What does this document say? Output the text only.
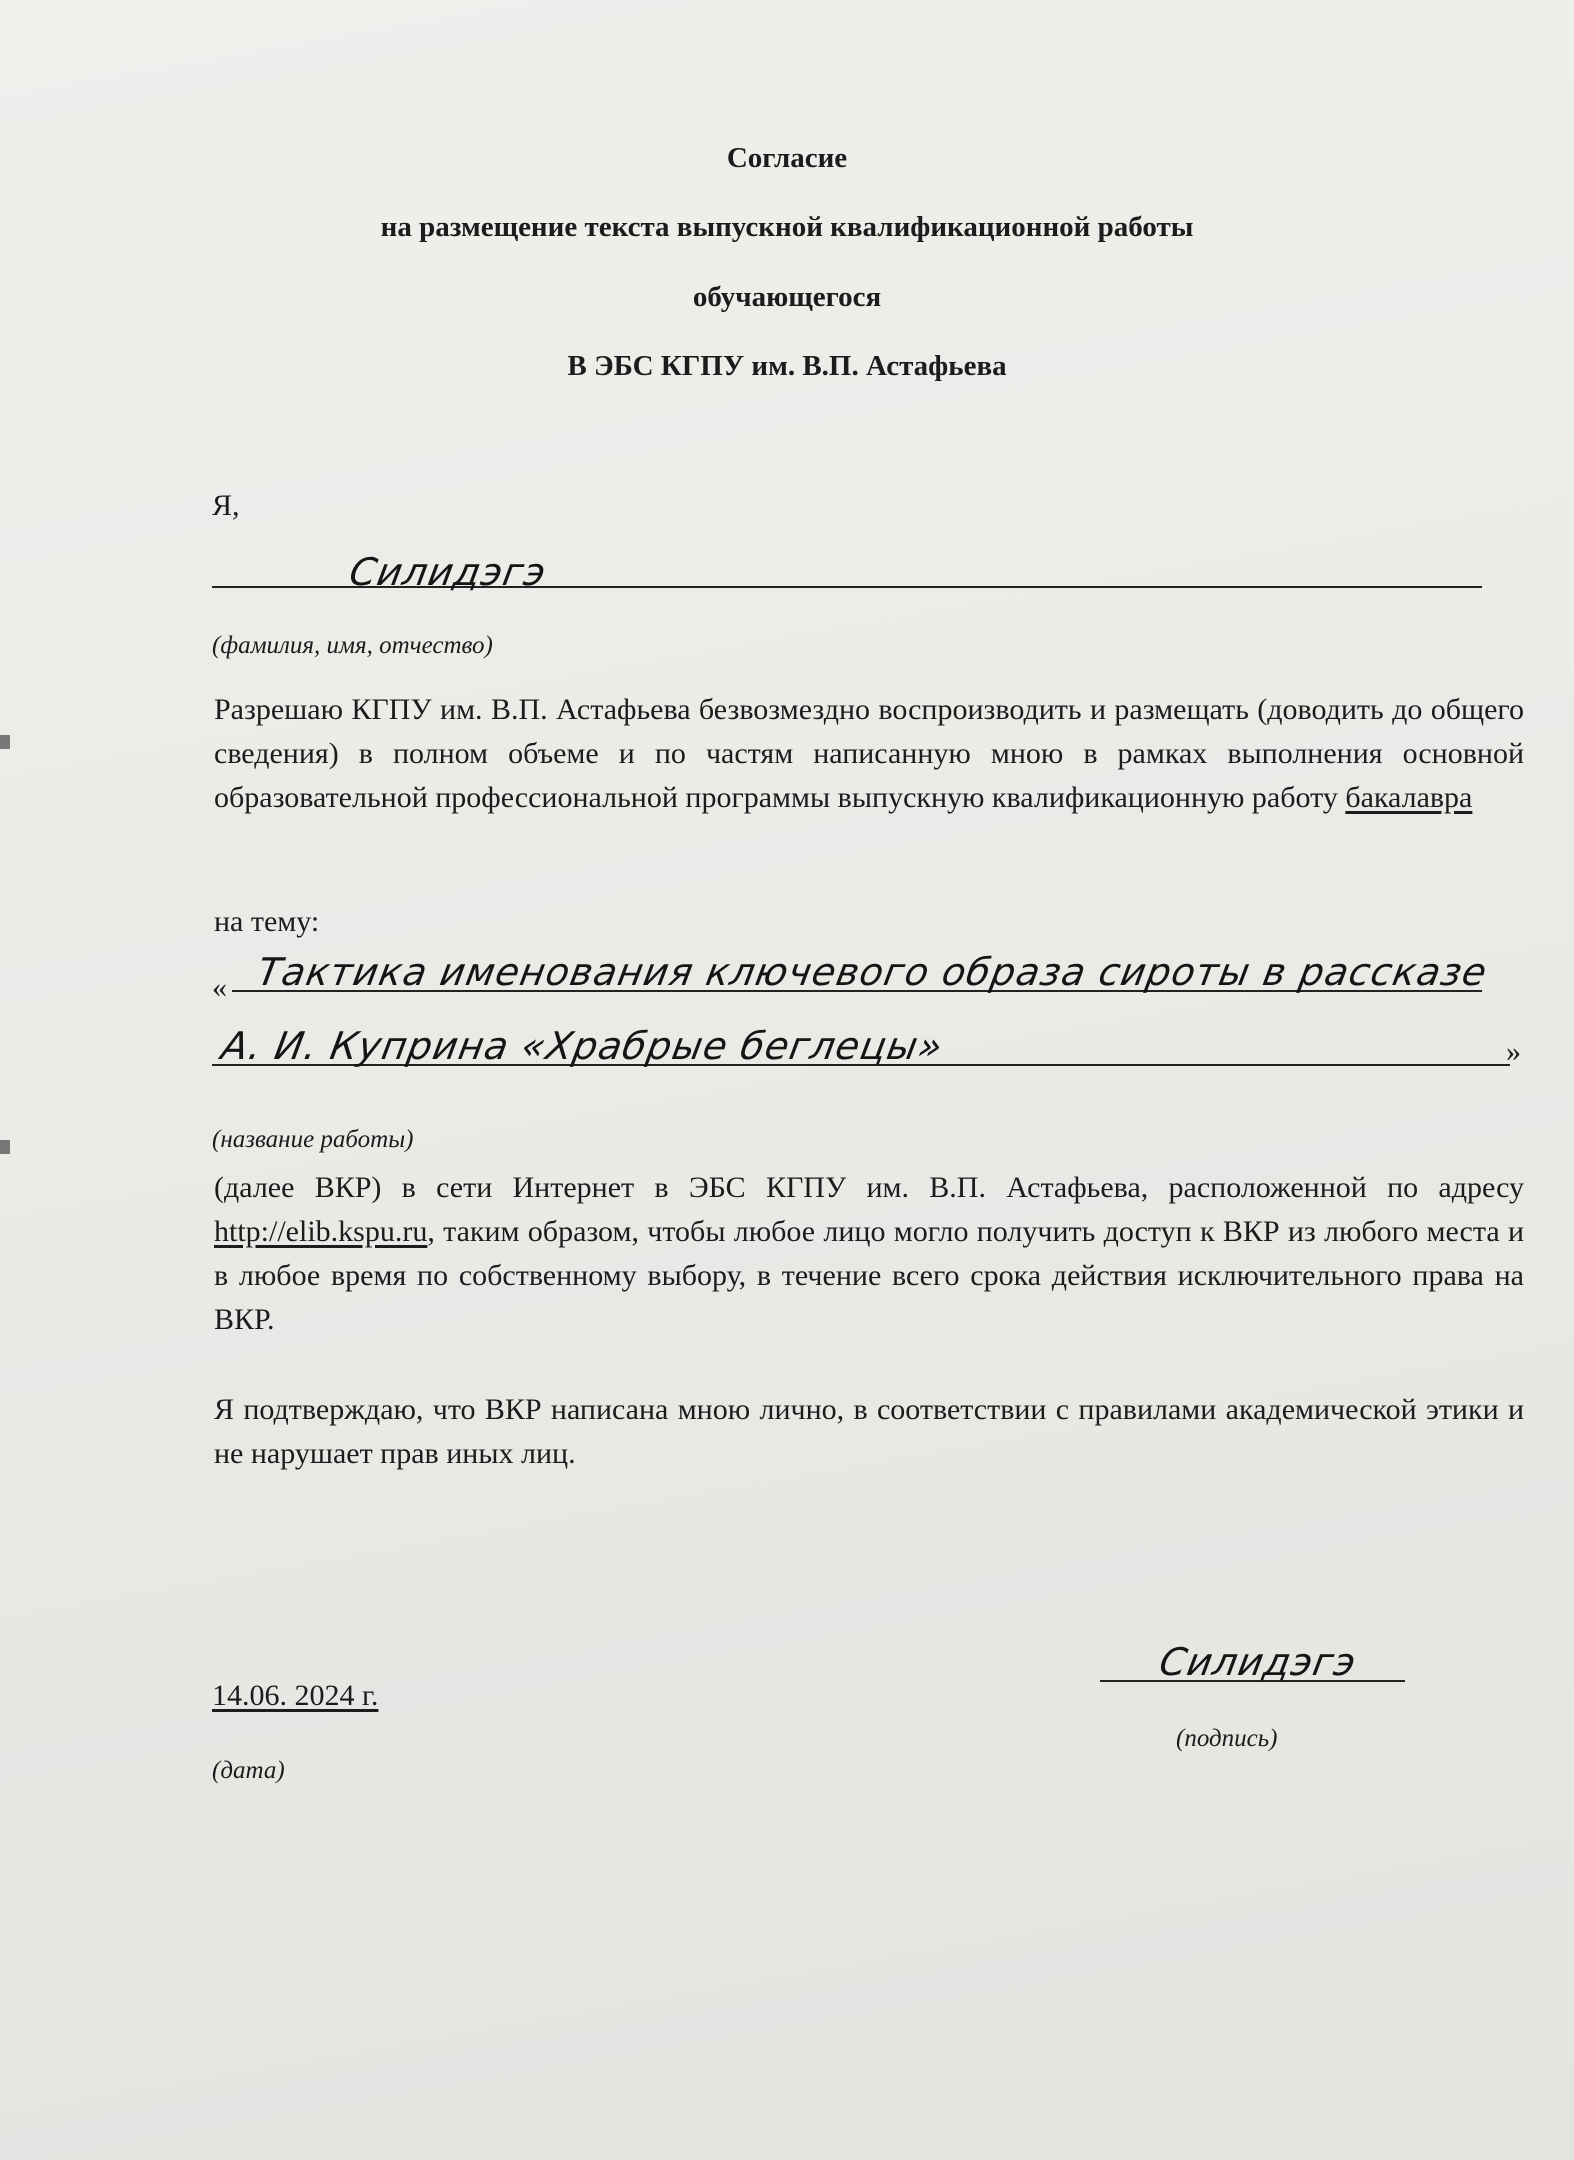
Согласие
на размещение текста выпускной квалификационной работы
обучающегося
В ЭБС КГПУ им. В.П. Астафьева
Я,
Силидэгэ
(фамилия, имя, отчество)
Разрешаю КГПУ им. В.П. Астафьева безвозмездно воспроизводить и размещать (доводить до общего сведения) в полном объеме и по частям написанную мною в рамках выполнения основной образовательной профессиональной программы выпускную квалификационную работу бакалавра
на тему:
« Тактика именования ключевого образа сироты в рассказе
А. И. Куприна «Храбрые беглецы»	»
(название работы)
(далее ВКР) в сети Интернет в ЭБС КГПУ им. В.П. Астафьева, расположенной по адресу http://elib.kspu.ru, таким образом, чтобы любое лицо могло получить доступ к ВКР из любого места и в любое время по собственному выбору, в течение всего срока действия исключительного права на ВКР.
Я подтверждаю, что ВКР написана мною лично, в соответствии с правилами академической этики и не нарушает прав иных лиц.
14.06. 2024 г.
(дата)
Силидэгэ
(подпись)
